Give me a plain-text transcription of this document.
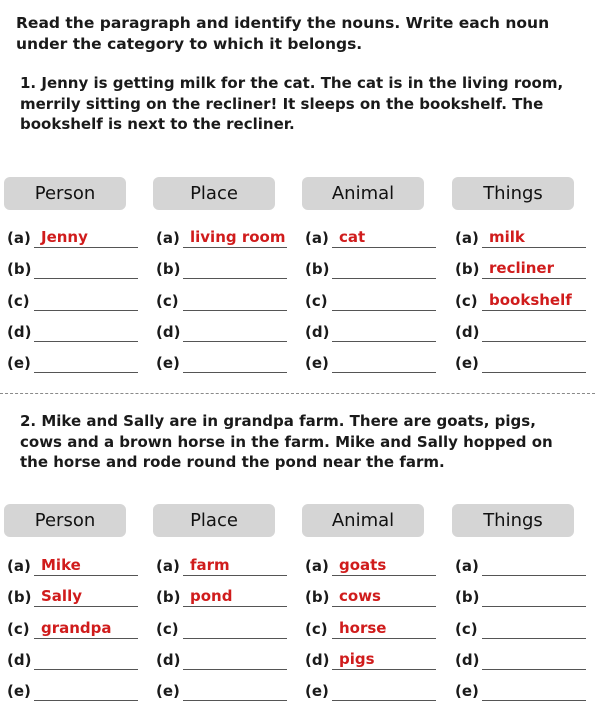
Read the paragraph and identify the nouns. Write each noun under the category to which it belongs.
1. Jenny is getting milk for the cat. The cat is in the living room, merrily sitting on the recliner! It sleeps on the bookshelf. The bookshelf is next to the recliner.
Person
(a) Jenny
(b)
(c)
(d)
(e)
Place
(a) living room
(b)
(c)
(d)
(e)
Animal
(a) cat
(b)
(c)
(d)
(e)
Things
(a) milk
(b) recliner
(c) bookshelf
(d)
(e)
2. Mike and Sally are in grandpa farm. There are goats, pigs, cows and a brown horse in the farm. Mike and Sally hopped on the horse and rode round the pond near the farm.
Person
(a) Mike
(b) Sally
(c) grandpa
(d)
(e)
Place
(a) farm
(b) pond
(c)
(d)
(e)
Animal
(a) goats
(b) cows
(c) horse
(d) pigs
(e)
Things
(a)
(b)
(c)
(d)
(e)
